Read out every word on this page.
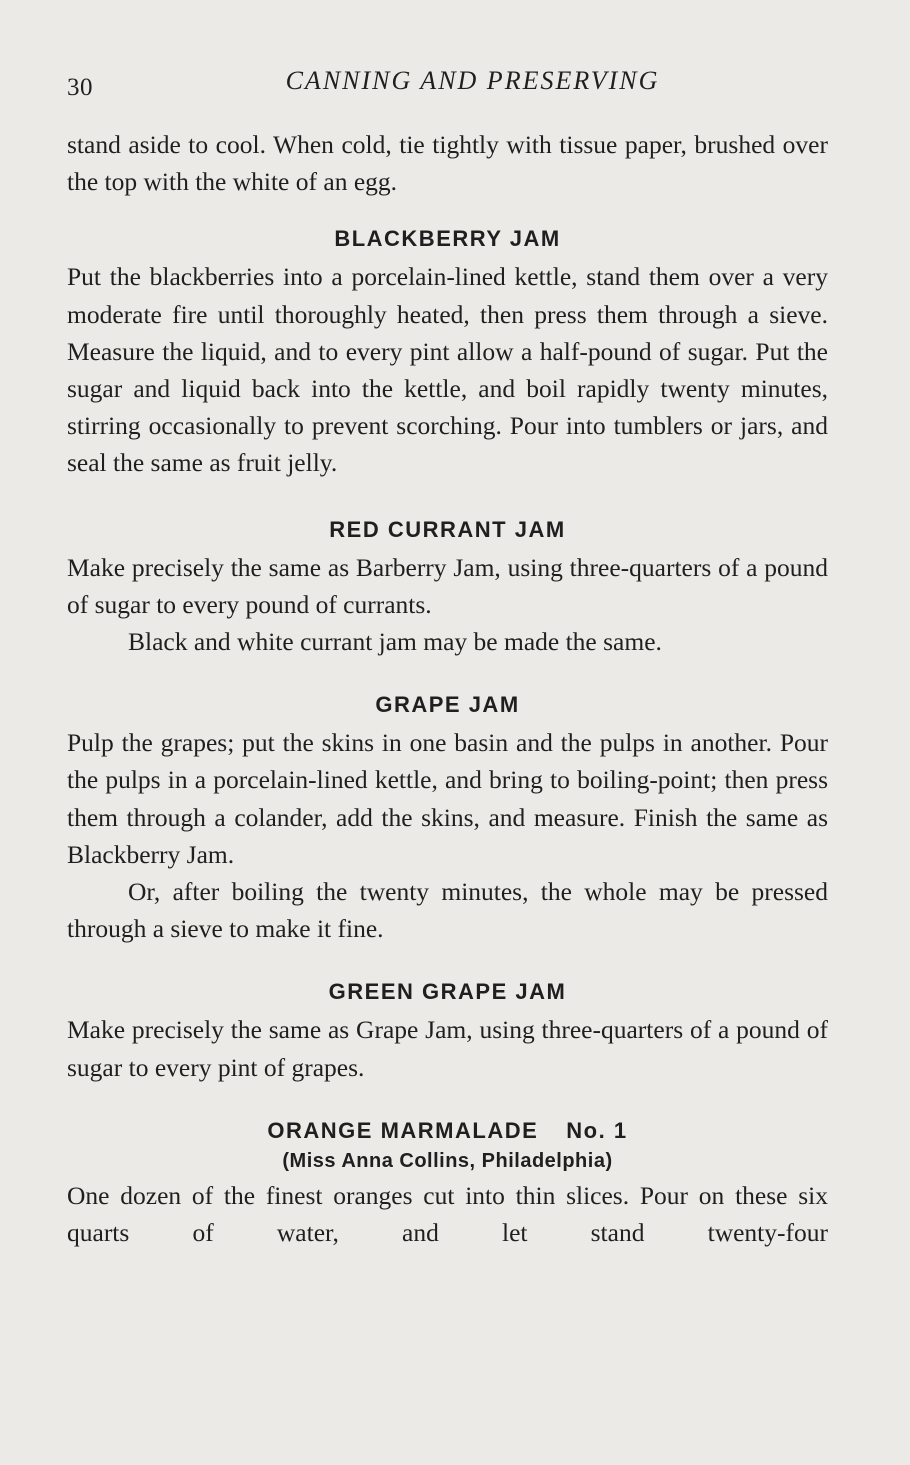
30	CANNING AND PRESERVING

stand aside to cool. When cold, tie tightly with tissue paper, brushed over the top with the white of an egg.

BLACKBERRY JAM

Put the blackberries into a porcelain-lined kettle, stand them over a very moderate fire until thoroughly heated, then press them through a sieve. Measure the liquid, and to every pint allow a half-pound of sugar. Put the sugar and liquid back into the kettle, and boil rapidly twenty minutes, stirring occasionally to prevent scorching. Pour into tumblers or jars, and seal the same as fruit jelly.

RED CURRANT JAM

Make precisely the same as Barberry Jam, using three-quarters of a pound of sugar to every pound of currants.

Black and white currant jam may be made the same.

GRAPE JAM

Pulp the grapes; put the skins in one basin and the pulps in another. Pour the pulps in a porcelain-lined kettle, and bring to boiling-point; then press them through a colander, add the skins, and measure. Finish the same as Blackberry Jam.

Or, after boiling the twenty minutes, the whole may be pressed through a sieve to make it fine.

GREEN GRAPE JAM

Make precisely the same as Grape Jam, using three-quarters of a pound of sugar to every pint of grapes.

ORANGE MARMALADE No. 1
(Miss Anna Collins, Philadelphia)

One dozen of the finest oranges cut into thin slices. Pour on these six quarts of water, and let stand twenty-four
